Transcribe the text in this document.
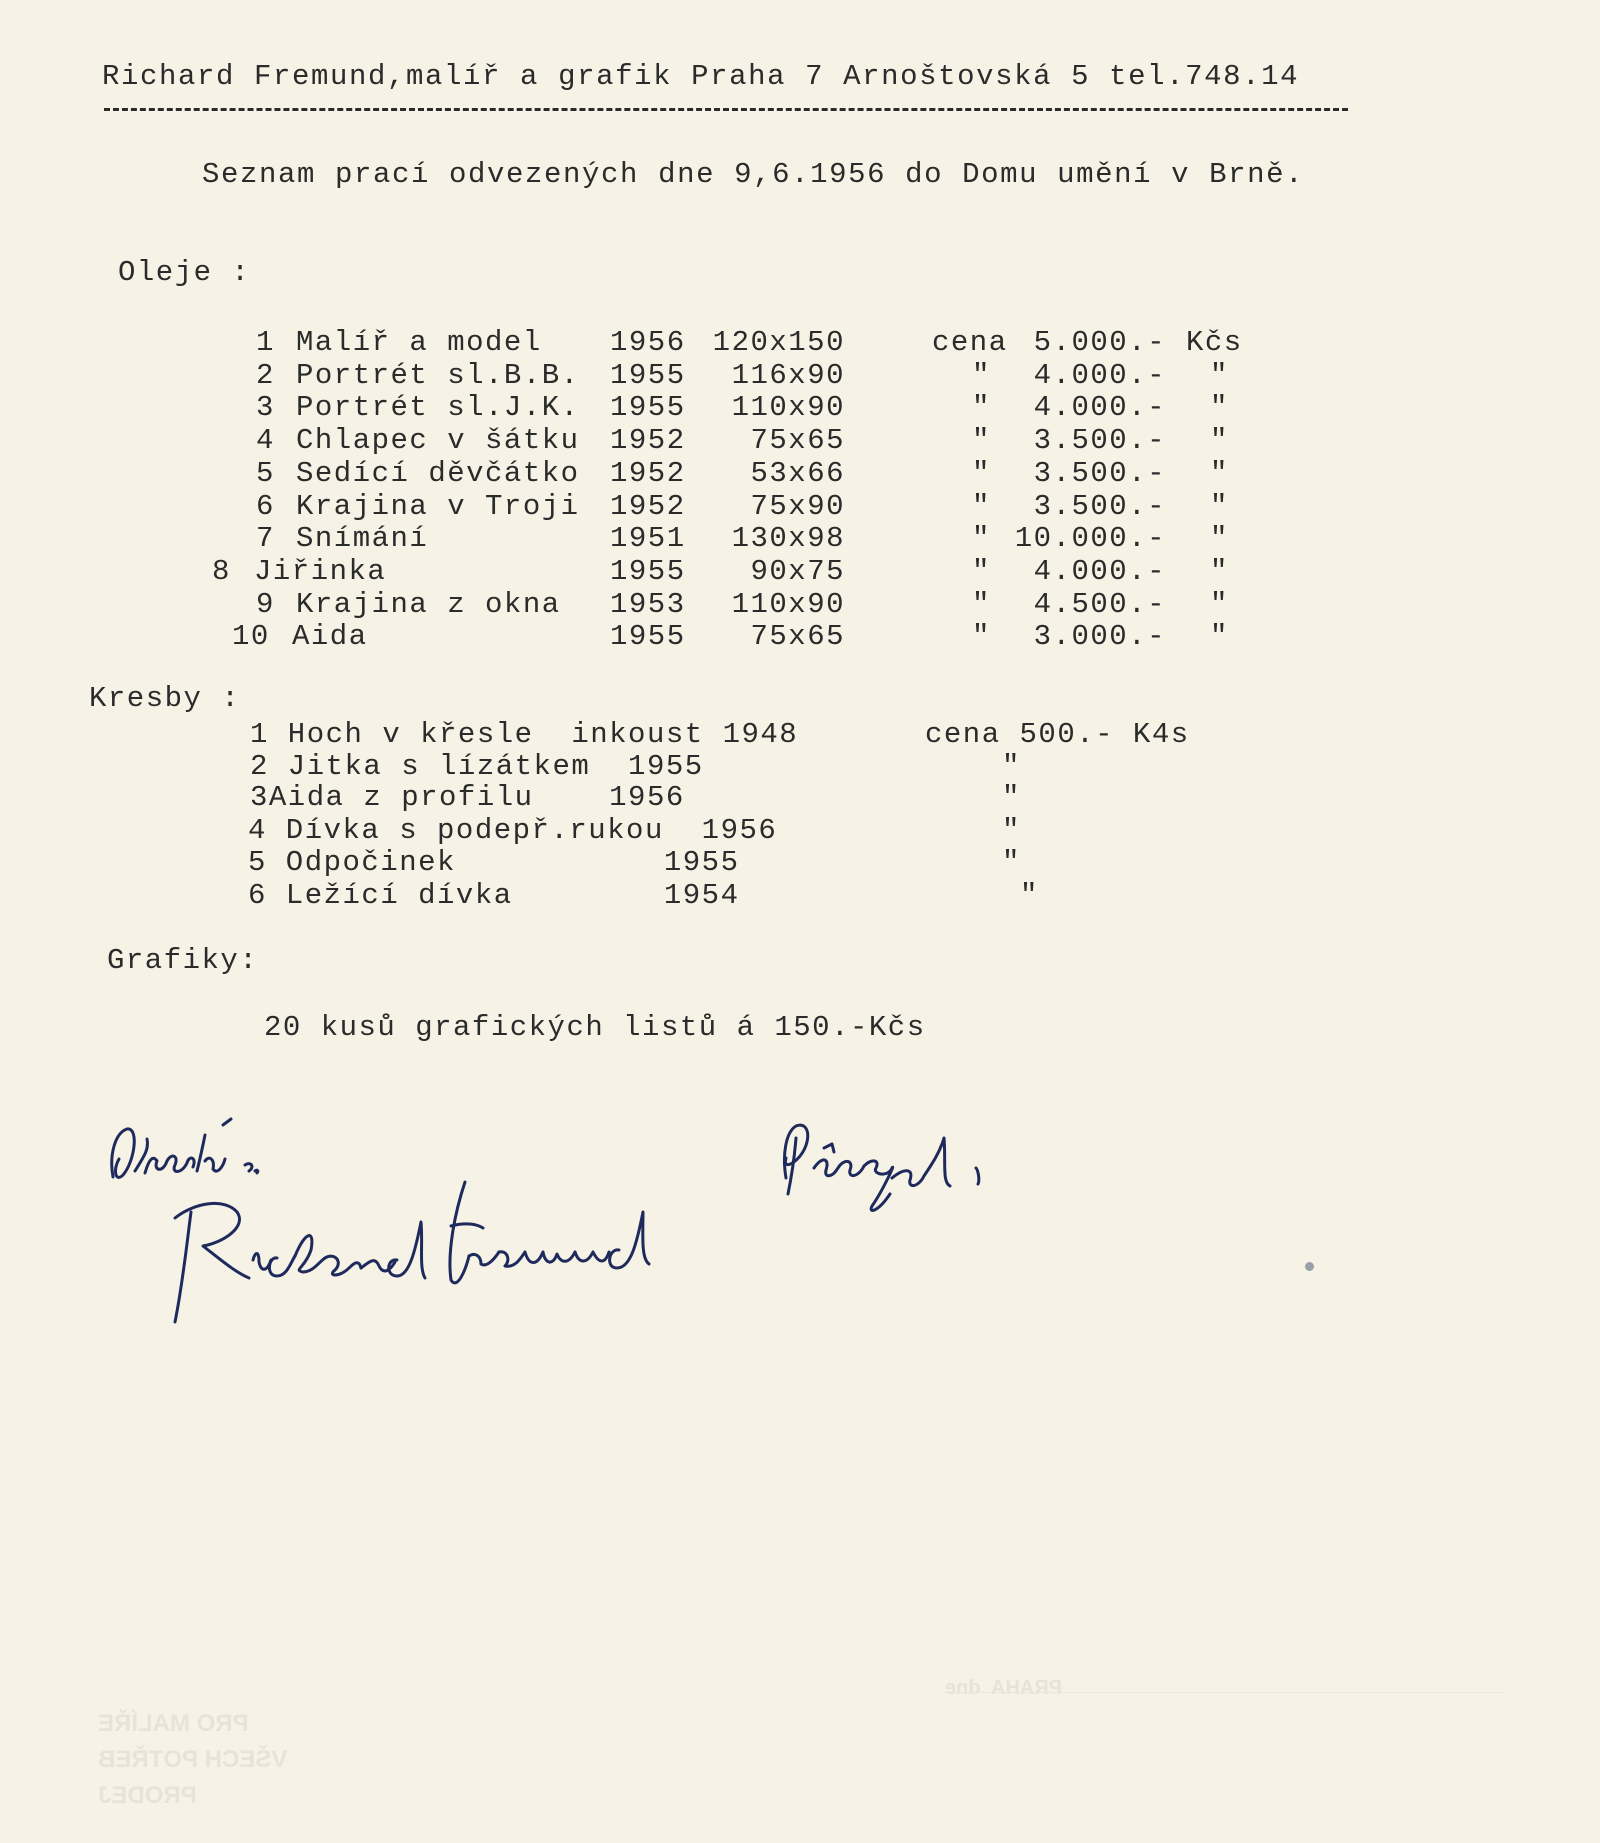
Richard Fremund,malíř a grafik Praha 7 Arnoštovská 5 tel.748.14
Seznam prací odvezených dne 9,6.1956 do Domu umění v Brně.
Oleje :
1 Malíř a model 1956 120x150	cena 5.000.- Kčs
2 Portrét sl.B.B. 1955 116x90	" 4.000.- "
3 Portrét sl.J.K. 1955 110x90	" 4.000.- "
4 Chlapec v šátku 1952 75x65	" 3.500.- "
5 Sedící děvčátko 1952 53x66	" 3.500.- "
6 Krajina v Troji 1952 75x90	" 3.500.- "
7 Snímání	1951 130x98	" 10.000.- "
8 Jiřinka	1955 90x75	" 4.000.- "
9 Krajina z okna 1953 110x90	" 4.500.- "
10 Aida	1955 75x65	" 3.000.- "
Kresby :
1 Hoch v křesle  inkoust 1948	cena 500.- K4s
2 Jitka s lízátkem  1955	"
3Aida z profilu    1956	"
4 Dívka s podepř.rukou  1956	"
5 Odpočinek           1955	"
6 Ležící dívka        1954	"
Grafiky:
20 kusů grafických listů á 150.-Kčs
PRO MALÍŘE
VŠECH POTŘEB
PRODEJ
PRAHA  dne
